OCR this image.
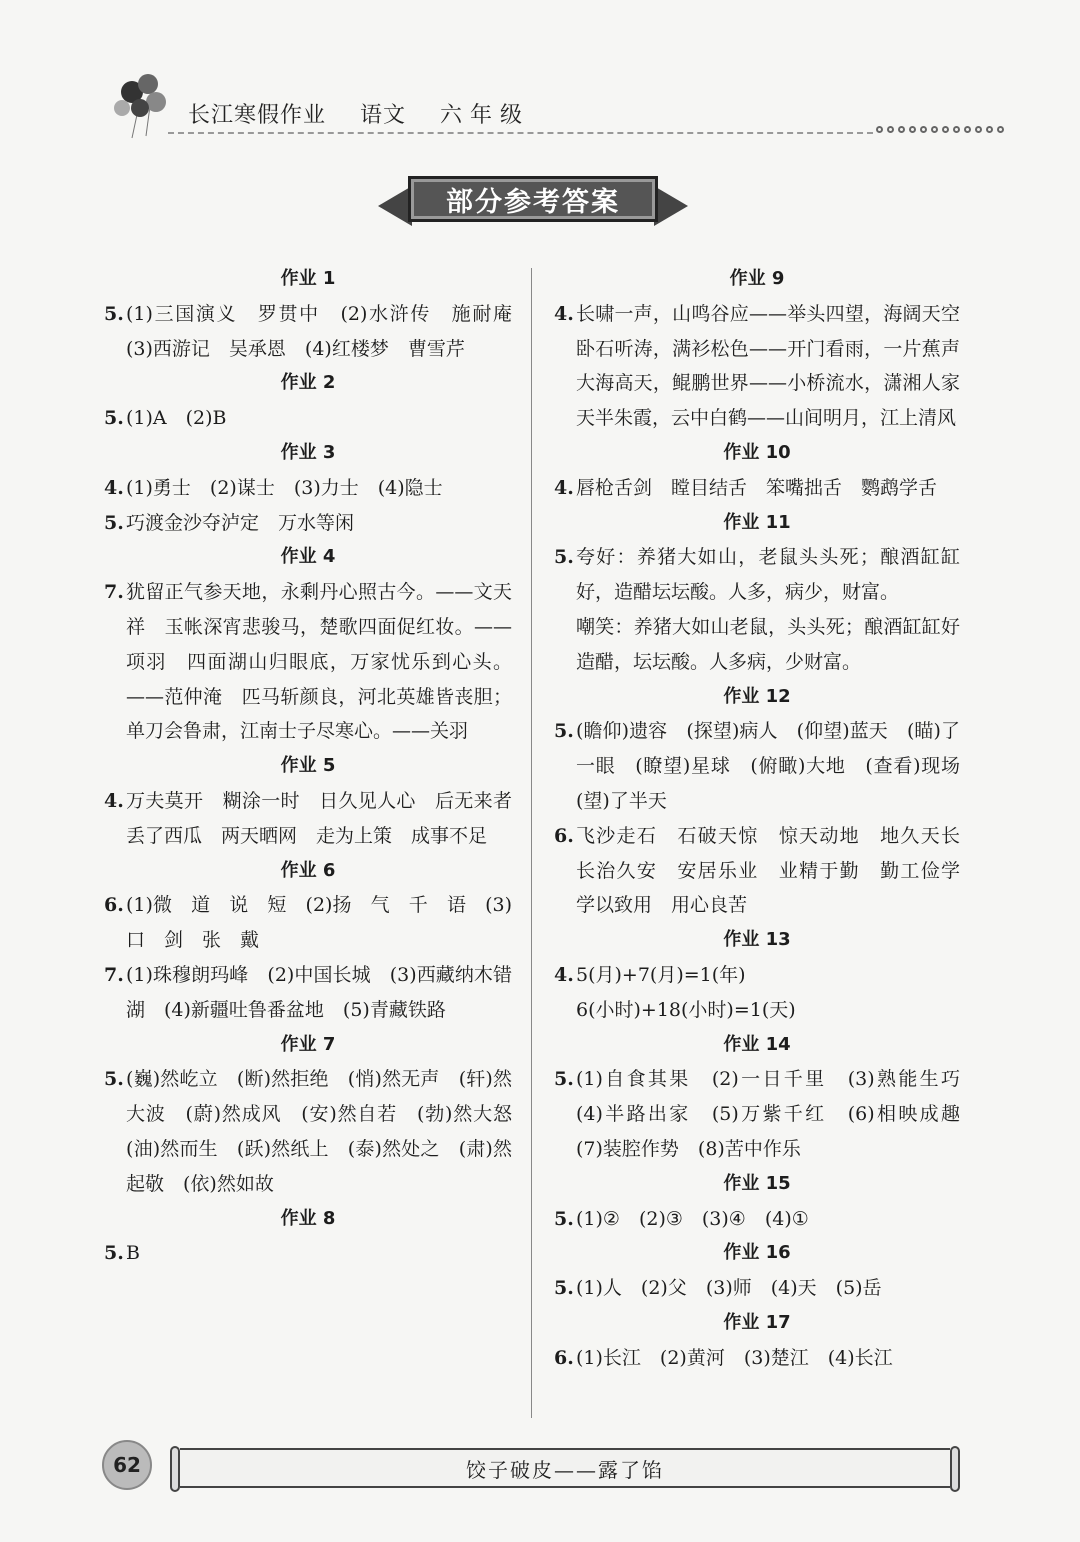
长江寒假作业 语文 六年级
部分参考答案
作业 1
5. (1)三国演义　罗贯中　(2)水浒传　施耐庵　(3)西游记　吴承恩　(4)红楼梦　曹雪芹
作业 2
5. (1)A　(2)B
作业 3
4. (1)勇士　(2)谋士　(3)力士　(4)隐士
5. 巧渡金沙夺泸定　万水等闲
作业 4
7. 犹留正气参天地，永剩丹心照古今。——文天祥　玉帐深宵悲骏马，楚歌四面促红妆。——项羽　四面湖山归眼底，万家忧乐到心头。——范仲淹　匹马斩颜良，河北英雄皆丧胆；单刀会鲁肃，江南士子尽寒心。——关羽
作业 5
4. 万夫莫开　糊涂一时　日久见人心　后无来者　丢了西瓜　两天晒网　走为上策　成事不足
作业 6
6. (1)微　道　说　短　(2)扬　气　千　语　(3)口　剑　张　戴
7. (1)珠穆朗玛峰　(2)中国长城　(3)西藏纳木错湖　(4)新疆吐鲁番盆地　(5)青藏铁路
作业 7
5. (巍)然屹立　(断)然拒绝　(悄)然无声　(轩)然大波　(蔚)然成风　(安)然自若　(勃)然大怒　(油)然而生　(跃)然纸上　(泰)然处之　(肃)然起敬　(依)然如故
作业 8
5. B
作业 9
4. 长啸一声，山鸣谷应——举头四望，海阔天空　卧石听涛，满衫松色——开门看雨，一片蕉声　大海高天，鲲鹏世界——小桥流水，潇湘人家　天半朱霞，云中白鹤——山间明月，江上清风
作业 10
4. 唇枪舌剑　瞠目结舌　笨嘴拙舌　鹦鹉学舌
作业 11
5. 夸好：养猪大如山，老鼠头头死；酿酒缸缸好，造醋坛坛酸。人多，病少，财富。
嘲笑：养猪大如山老鼠，头头死；酿酒缸缸好造醋，坛坛酸。人多病，少财富。
作业 12
5. (瞻仰)遗容　(探望)病人　(仰望)蓝天　(瞄)了一眼　(瞭望)星球　(俯瞰)大地　(查看)现场　(望)了半天
6. 飞沙走石　石破天惊　惊天动地　地久天长　长治久安　安居乐业　业精于勤　勤工俭学　学以致用　用心良苦
作业 13
4. 5(月)+7(月)=1(年)
6(小时)+18(小时)=1(天)
作业 14
5. (1)自食其果　(2)一日千里　(3)熟能生巧　(4)半路出家　(5)万紫千红　(6)相映成趣　(7)装腔作势　(8)苦中作乐
作业 15
5. (1)②　(2)③　(3)④　(4)①
作业 16
5. (1)人　(2)父　(3)师　(4)天　(5)岳
作业 17
6. (1)长江　(2)黄河　(3)楚江　(4)长江
62	饺子破皮——露了馅
